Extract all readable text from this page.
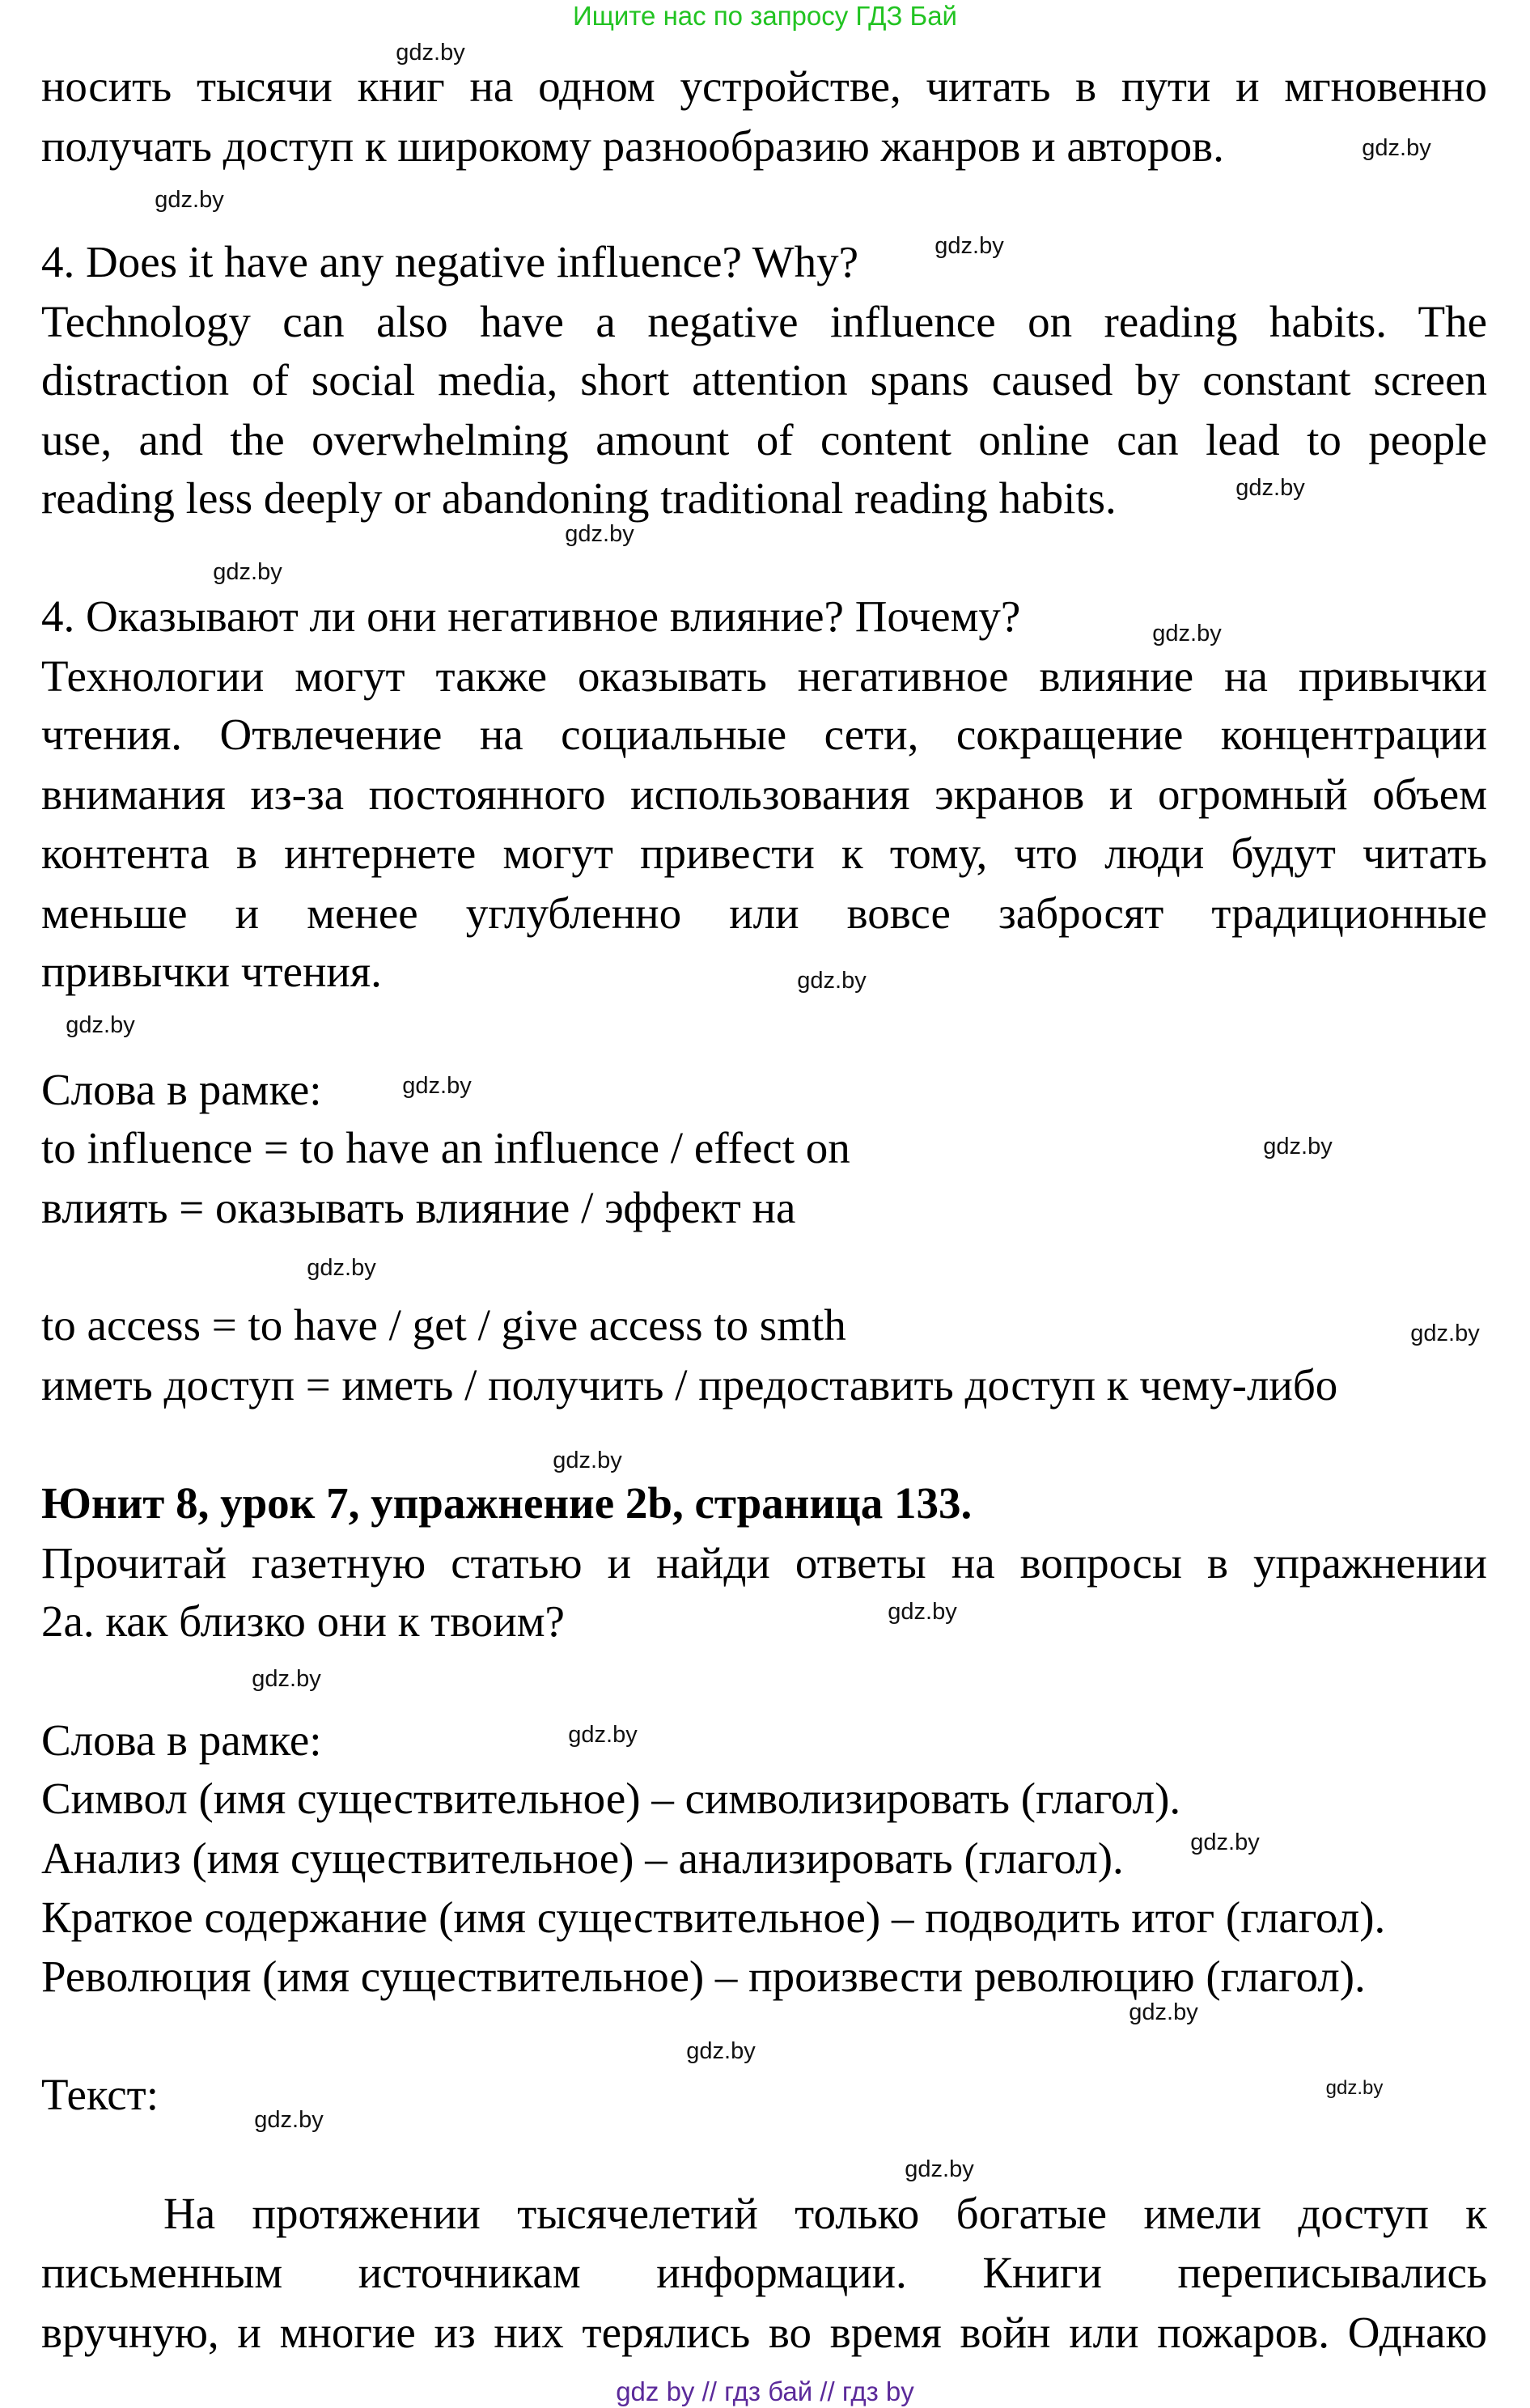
Ищите нас по запросу ГДЗ Бай
носить тысячи книг на одном устройстве, читать в пути и мгновенно
получать доступ к широкому разнообразию жанров и авторов.
4. Does it have any negative influence? Why?
Technology can also have a negative influence on reading habits. The
distraction of social media, short attention spans caused by constant screen
use, and the overwhelming amount of content online can lead to people
reading less deeply or abandoning traditional reading habits.
4. Оказывают ли они негативное влияние? Почему?
Технологии могут также оказывать негативное влияние на привычки
чтения. Отвлечение на социальные сети, сокращение концентрации
внимания из-за постоянного использования экранов и огромный объем
контента в интернете могут привести к тому, что люди будут читать
меньше и менее углубленно или вовсе забросят традиционные
привычки чтения.
Слова в рамке:
to influence = to have an influence / effect on
влиять = оказывать влияние / эффект на
to access = to have / get / give access to smth
иметь доступ = иметь / получить / предоставить доступ к чему-либо
Юнит 8, урок 7, упражнение 2b, страница 133.
Прочитай газетную статью и найди ответы на вопросы в упражнении
2а. как близко они к твоим?
Слова в рамке:
Символ (имя существительное) – символизировать (глагол).
Анализ (имя существительное) – анализировать (глагол).
Краткое содержание (имя существительное) – подводить итог (глагол).
Революция (имя существительное) – произвести революцию (глагол).
Текст:
На протяжении тысячелетий только богатые имели доступ к
письменным источникам информации. Книги переписывались
вручную, и многие из них терялись во время войн или пожаров. Однако
gdz.by
gdz.by
gdz.by
gdz.by
gdz.by
gdz.by
gdz.by
gdz.by
gdz.by
gdz.by
gdz.by
gdz.by
gdz.by
gdz.by
gdz.by
gdz.by
gdz.by
gdz.by
gdz.by
gdz.by
gdz.by
gdz.by
gdz.by
gdz.by
gdz by // гдз бай // гдз by
